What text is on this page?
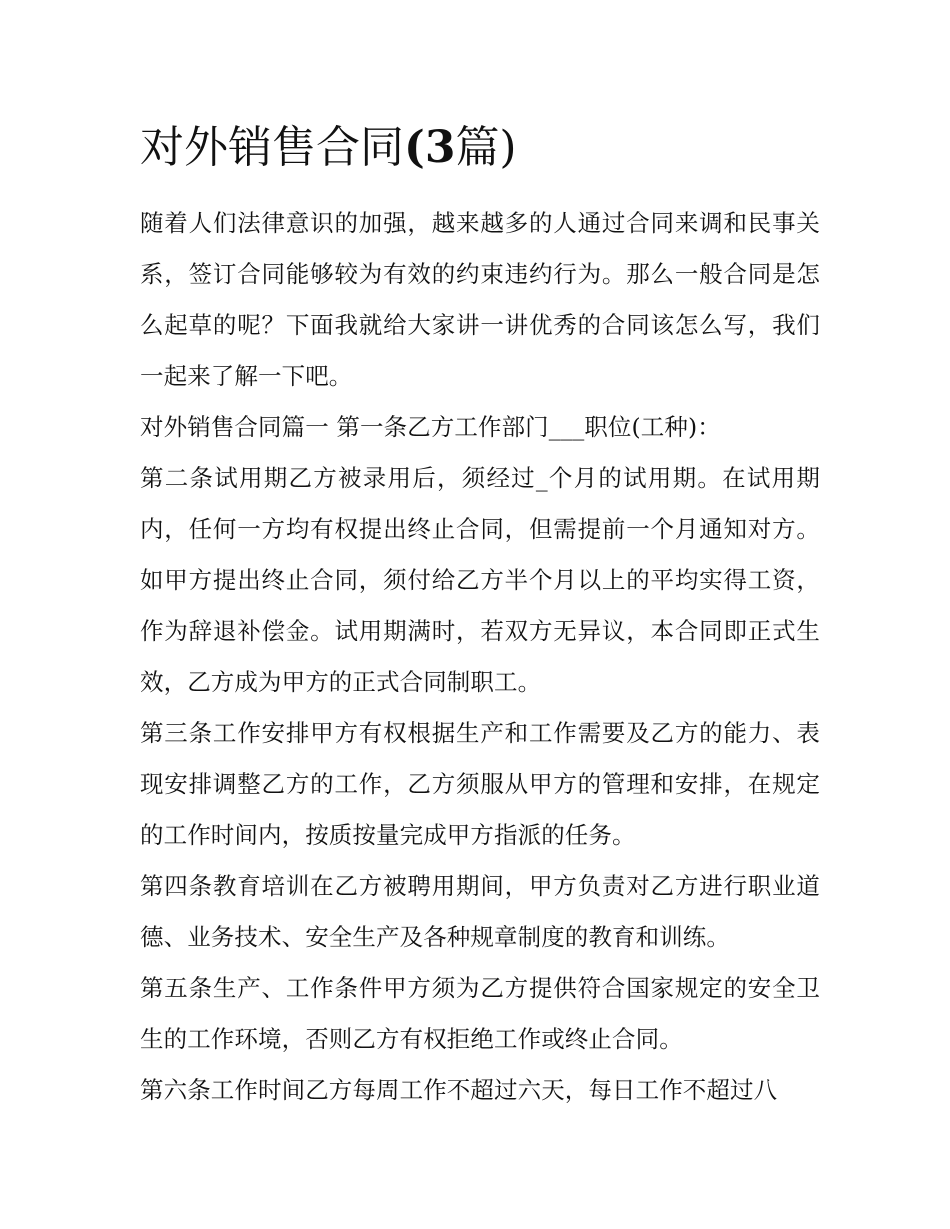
对外销售合同(3篇)

随着人们法律意识的加强，越来越多的人通过合同来调和民事关系，签订合同能够较为有效的约束违约行为。那么一般合同是怎么起草的呢？下面我就给大家讲一讲优秀的合同该怎么写，我们一起来了解一下吧。

对外销售合同篇一 第一条乙方工作部门___职位(工种)：

第二条试用期乙方被录用后，须经过_个月的试用期。在试用期内，任何一方均有权提出终止合同，但需提前一个月通知对方。如甲方提出终止合同，须付给乙方半个月以上的平均实得工资，作为辞退补偿金。试用期满时，若双方无异议，本合同即正式生效，乙方成为甲方的正式合同制职工。

第三条工作安排甲方有权根据生产和工作需要及乙方的能力、表现安排调整乙方的工作，乙方须服从甲方的管理和安排，在规定的工作时间内，按质按量完成甲方指派的任务。

第四条教育培训在乙方被聘用期间，甲方负责对乙方进行职业道德、业务技术、安全生产及各种规章制度的教育和训练。

第五条生产、工作条件甲方须为乙方提供符合国家规定的安全卫生的工作环境，否则乙方有权拒绝工作或终止合同。

第六条工作时间乙方每周工作不超过六天，每日工作不超过八
